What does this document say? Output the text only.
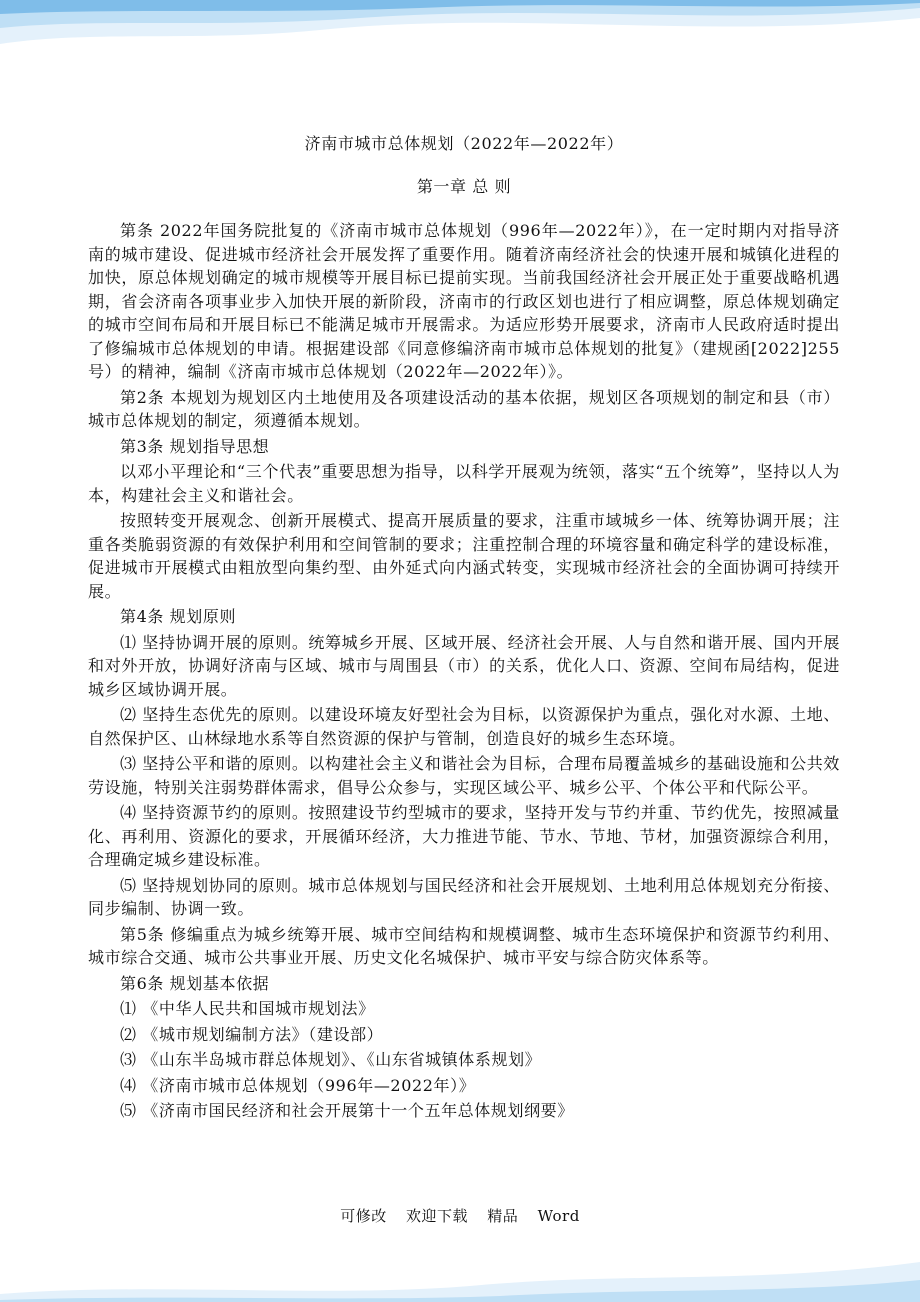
济南市城市总体规划（2022年—2022年）
第一章 总 则

第条 2022年国务院批复的《济南市城市总体规划（996年—2022年）》，在一定时期内对指导济南的城市建设、促进城市经济社会开展发挥了重要作用。随着济南经济社会的快速开展和城镇化进程的加快，原总体规划确定的城市规模等开展目标已提前实现。当前我国经济社会开展正处于重要战略机遇期，省会济南各项事业步入加快开展的新阶段，济南市的行政区划也进行了相应调整，原总体规划确定的城市空间布局和开展目标已不能满足城市开展需求。为适应形势开展要求，济南市人民政府适时提出了修编城市总体规划的申请。根据建设部《同意修编济南市城市总体规划的批复》（建规函[2022]255号）的精神，编制《济南市城市总体规划（2022年—2022年）》。

第2条 本规划为规划区内土地使用及各项建设活动的基本依据，规划区各项规划的制定和县（市）城市总体规划的制定，须遵循本规划。

第3条 规划指导思想

以邓小平理论和“三个代表”重要思想为指导，以科学开展观为统领，落实“五个统筹”，坚持以人为本，构建社会主义和谐社会。

按照转变开展观念、创新开展模式、提高开展质量的要求，注重市域城乡一体、统筹协调开展；注重各类脆弱资源的有效保护利用和空间管制的要求；注重控制合理的环境容量和确定科学的建设标准，促进城市开展模式由粗放型向集约型、由外延式向内涵式转变，实现城市经济社会的全面协调可持续开展。

第4条 规划原则

⑴ 坚持协调开展的原则。统筹城乡开展、区域开展、经济社会开展、人与自然和谐开展、国内开展和对外开放，协调好济南与区域、城市与周围县（市）的关系，优化人口、资源、空间布局结构，促进城乡区域协调开展。

⑵ 坚持生态优先的原则。以建设环境友好型社会为目标，以资源保护为重点，强化对水源、土地、自然保护区、山林绿地水系等自然资源的保护与管制，创造良好的城乡生态环境。

⑶ 坚持公平和谐的原则。以构建社会主义和谐社会为目标，合理布局覆盖城乡的基础设施和公共效劳设施，特别关注弱势群体需求，倡导公众参与，实现区域公平、城乡公平、个体公平和代际公平。

⑷ 坚持资源节约的原则。按照建设节约型城市的要求，坚持开发与节约并重、节约优先，按照减量化、再利用、资源化的要求，开展循环经济，大力推进节能、节水、节地、节材，加强资源综合利用，合理确定城乡建设标准。

⑸ 坚持规划协同的原则。城市总体规划与国民经济和社会开展规划、土地利用总体规划充分衔接、同步编制、协调一致。

第5条 修编重点为城乡统筹开展、城市空间结构和规模调整、城市生态环境保护和资源节约利用、城市综合交通、城市公共事业开展、历史文化名城保护、城市平安与综合防灾体系等。

第6条 规划基本依据

⑴ 《中华人民共和国城市规划法》

⑵ 《城市规划编制方法》（建设部）

⑶ 《山东半岛城市群总体规划》、《山东省城镇体系规划》

⑷ 《济南市城市总体规划（996年—2022年）》

⑸ 《济南市国民经济和社会开展第十一个五年总体规划纲要》

可修改 欢迎下载 精品 Word
